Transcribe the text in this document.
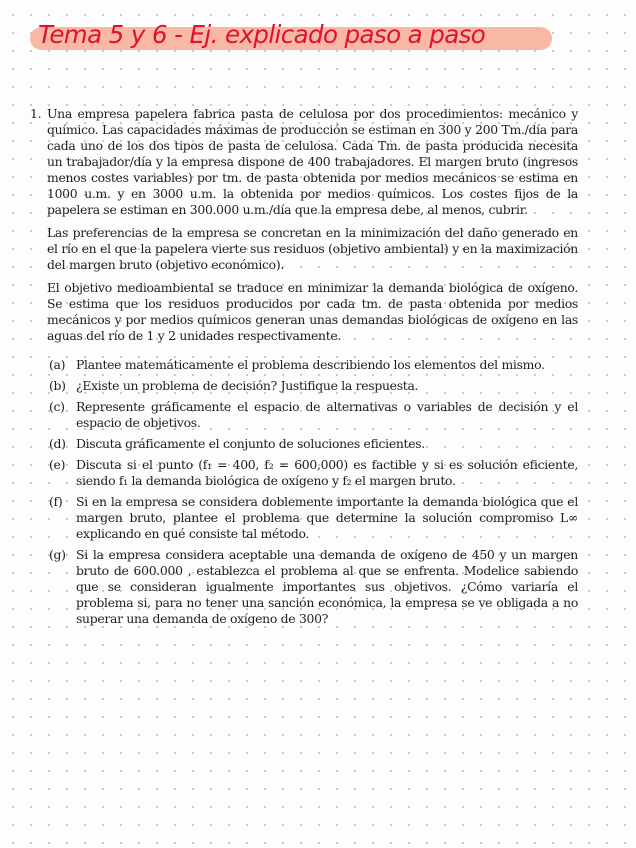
Tema 5 y 6 - Ej. explicado paso a paso
1. Una empresa papelera fabrica pasta de celulosa por dos procedimientos: mecánico y químico. Las capacidades máximas de producción se estiman en 300 y 200 Tm./día para cada uno de los dos tipos de pasta de celulosa. Cada Tm. de pasta producida necesita un trabajador/día y la empresa dispone de 400 trabajadores. El margen bruto (ingresos menos costes variables) por tm. de pasta obtenida por medios mecánicos se estima en 1000 u.m. y en 3000 u.m. la obtenida por medios químicos. Los costes fijos de la papelera se estiman en 300.000 u.m./día que la empresa debe, al menos, cubrir.

Las preferencias de la empresa se concretan en la minimización del daño generado en el río en el que la papelera vierte sus residuos (objetivo ambiental) y en la maximización del margen bruto (objetivo económico).

El objetivo medioambiental se traduce en minimizar la demanda biológica de oxígeno. Se estima que los residuos producidos por cada tm. de pasta obtenida por medios mecánicos y por medios químicos generan unas demandas biológicas de oxígeno en las aguas del río de 1 y 2 unidades respectivamente.

(a) Plantee matemáticamente el problema describiendo los elementos del mismo.
(b) ¿Existe un problema de decisión? Justifique la respuesta.
(c) Represente gráficamente el espacio de alternativas o variables de decisión y el espacio de objetivos.
(d) Discuta gráficamente el conjunto de soluciones eficientes.
(e) Discuta si el punto (f₁ = 400, f₂ = 600,000) es factible y si es solución eficiente, siendo f₁ la demanda biológica de oxígeno y f₂ el margen bruto.
(f)	Si en la empresa se considera doblemente importante la demanda biológica que el margen bruto, plantee el problema que determine la solución compromiso L∞ explicando en qué consiste tal método.
(g) Si la empresa considera aceptable una demanda de oxígeno de 450 y un margen bruto de 600.000 , establezca el problema al que se enfrenta. Modelice sabiendo que se consideran igualmente importantes sus objetivos. ¿Cómo variaría el problema si, para no tener una sanción económica, la empresa se ve obligada a no superar una demanda de oxígeno de 300?
